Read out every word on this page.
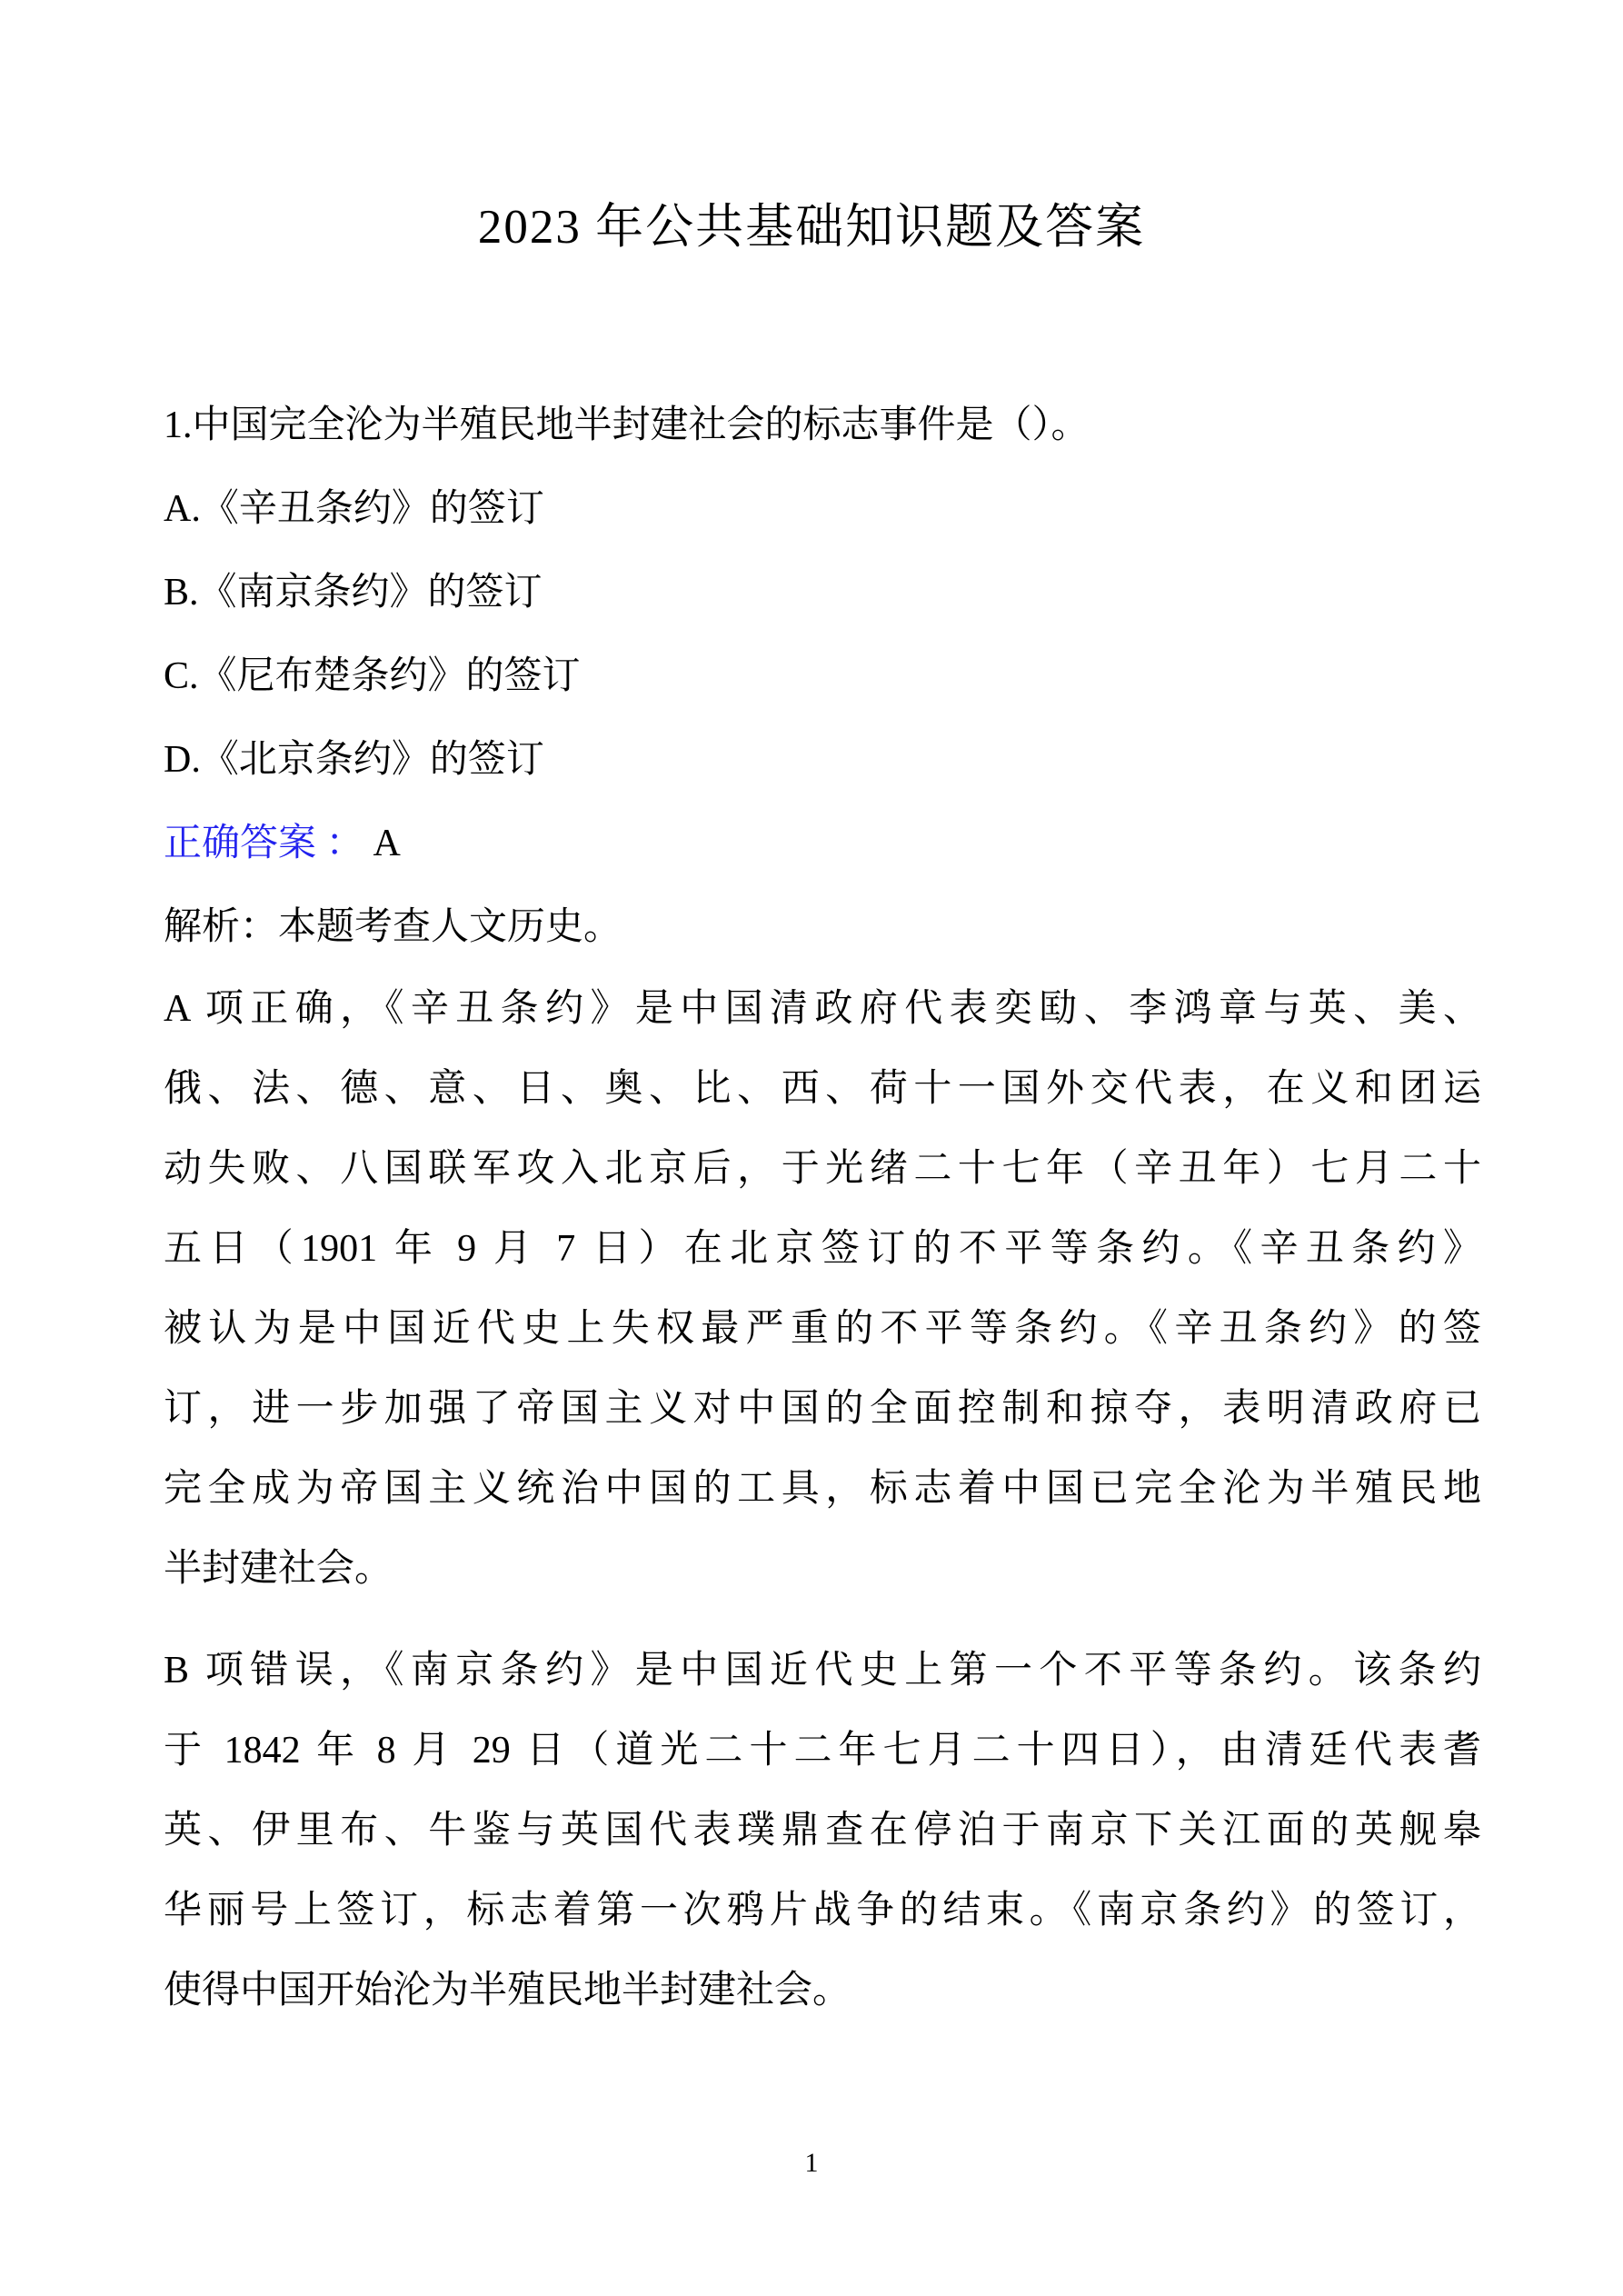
2023 年公共基础知识题及答案
1.中国完全沦为半殖民地半封建社会的标志事件是（）。
A.《辛丑条约》的签订
B.《南京条约》的签订
C.《尼布楚条约》的签订
D.《北京条约》的签订
正确答案 ： A
解析：本题考查人文历史。
A 项正确，《辛丑条约》是中国清政府代表奕劻、李鸿章与英、美、
俄、法、德、意、日、奥、比、西、荷十一国外交代表，在义和团运
动失败、八国联军攻入北京后，于光绪二十七年（辛丑年）七月二十
五日（1901 年 9 月 7 日）在北京签订的不平等条约。《辛丑条约》
被认为是中国近代史上失权最严重的不平等条约。《辛丑条约》的签
订，进一步加强了帝国主义对中国的全面控制和掠夺，表明清政府已
完全成为帝国主义统治中国的工具，标志着中国已完全沦为半殖民地
半封建社会。
B 项错误，《南京条约》是中国近代史上第一个不平等条约。该条约
于 1842 年 8 月 29 日（道光二十二年七月二十四日），由清廷代表耆
英、伊里布、牛鉴与英国代表璞鼎查在停泊于南京下关江面的英舰皋
华丽号上签订，标志着第一次鸦片战争的结束。《南京条约》的签订，
使得中国开始沦为半殖民地半封建社会。
1
